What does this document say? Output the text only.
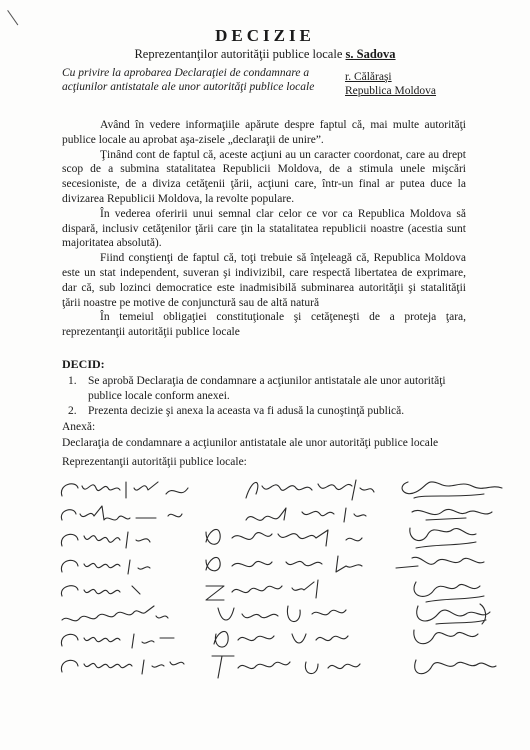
DECIZIE
Reprezentanţilor autorităţii publice locale s. Sadova
Cu privire la aprobarea Declaraţiei de condamnare a acţiunilor antistatale ale unor autorităţi publice locale
r. Călăraşi
Republica Moldova

Având în vedere informaţiile apărute despre faptul că, mai multe autorităţi publice locale au aprobat aşa-zisele „declaraţii de unire”.

Ţinând cont de faptul că, aceste acţiuni au un caracter coordonat, care au drept scop de a submina statalitatea Republicii Moldova, de a stimula unele mişcări secesioniste, de a diviza cetăţenii ţării, acţiuni care, într-un final ar putea duce la divizarea Republicii Moldova, la revolte populare.

În vederea oferirii unui semnal clar celor ce vor ca Republica Moldova să dispară, inclusiv cetăţenilor ţării care ţin la statalitatea republicii noastre (acestia sunt majoritatea absolută).

Fiind conştienţi de faptul că, toţi trebuie să înţeleagă că, Republica Moldova este un stat independent, suveran şi indivizibil, care respectă libertatea de exprimare, dar că, sub lozinci democratice este inadmisibilă subminarea autorităţii şi statalităţii ţării noastre pe motive de conjunctură sau de altă natură

În temeiul obligaţiei constituţionale şi cetăţeneşti de a proteja ţara, reprezentanţii autorităţii publice locale

DECID:
1. Se aprobă Declaraţia de condamnare a acţiunilor antistatale ale unor autorităţi publice locale conform anexei.
2. Prezenta decizie şi anexa la aceasta va fi adusă la cunoştinţă publică.
Anexă:
Declaraţia de condamnare a acţiunilor antistatale ale unor autorităţi publice locale
Reprezentanţii autorităţii publice locale:
